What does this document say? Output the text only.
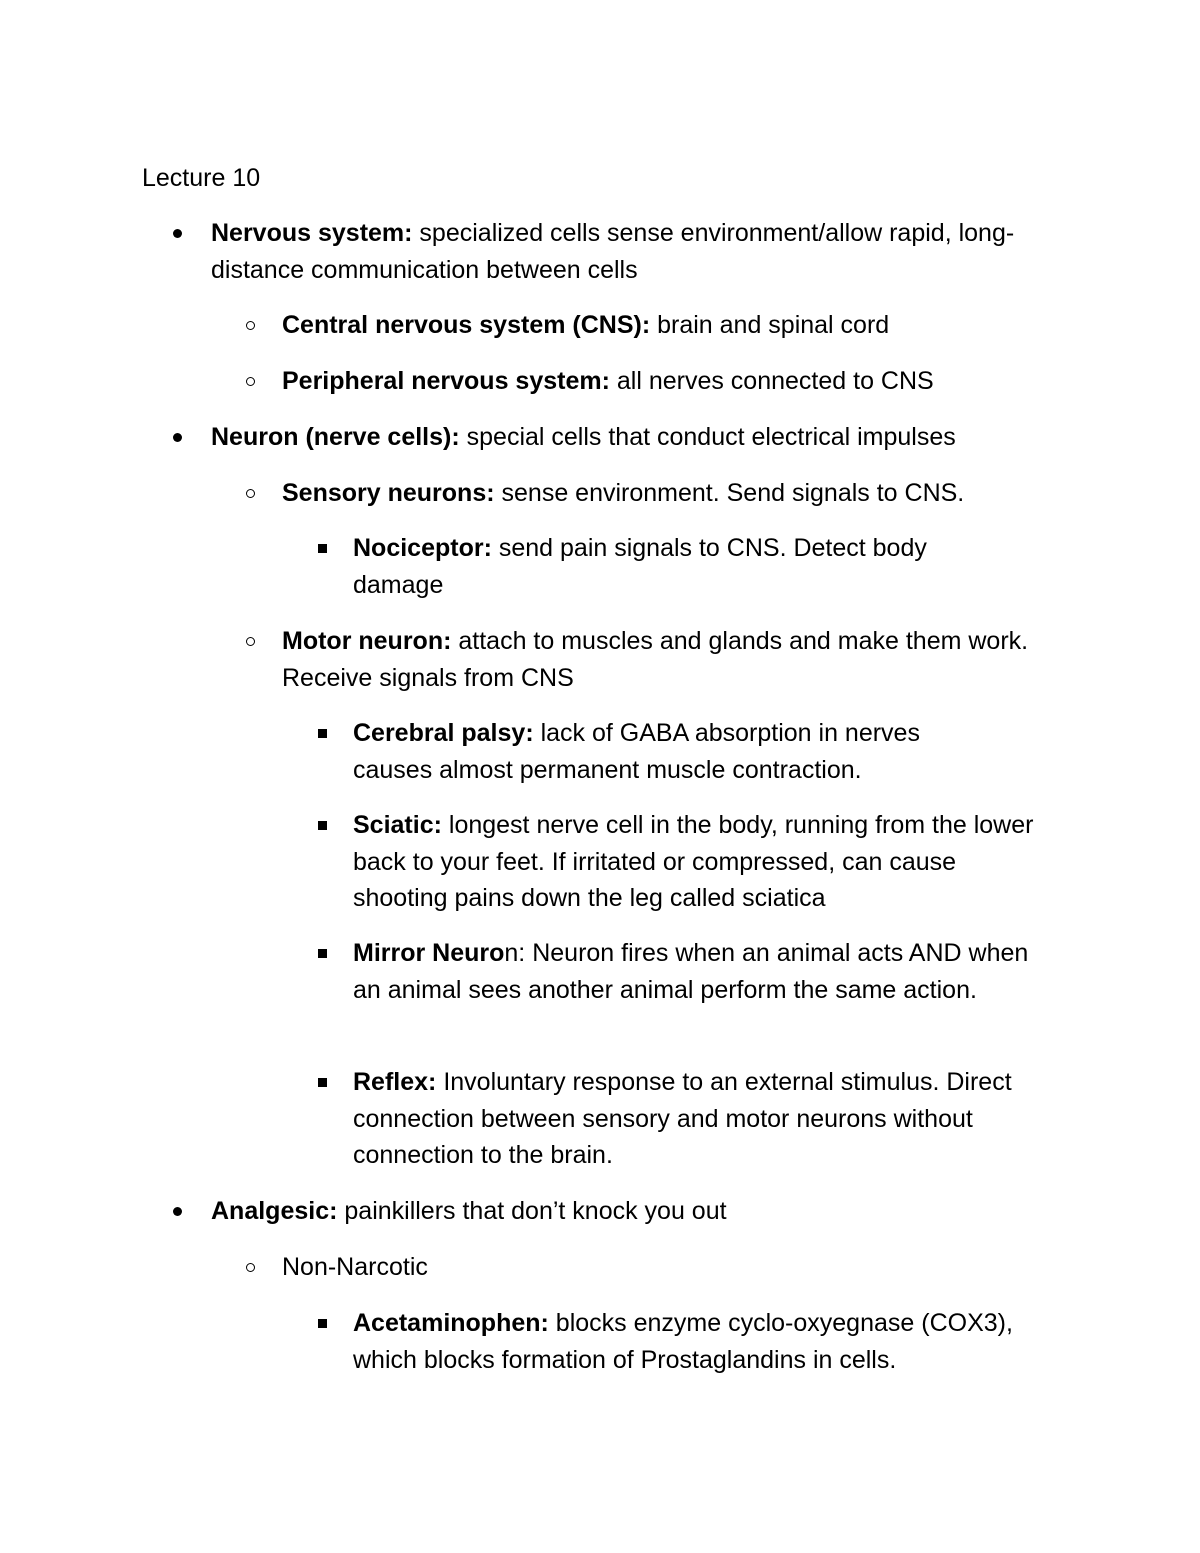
Lecture 10
Nervous system: specialized cells sense environment/allow rapid, long-distance communication between cells
Central nervous system (CNS): brain and spinal cord
Peripheral nervous system: all nerves connected to CNS
Neuron (nerve cells): special cells that conduct electrical impulses
Sensory neurons: sense environment. Send signals to CNS.
Nociceptor: send pain signals to CNS. Detect body damage
Motor neuron: attach to muscles and glands and make them work. Receive signals from CNS
Cerebral palsy: lack of GABA absorption in nerves causes almost permanent muscle contraction.
Sciatic: longest nerve cell in the body, running from the lower back to your feet. If irritated or compressed, can cause shooting pains down the leg called sciatica
Mirror Neuron: Neuron fires when an animal acts AND when an animal sees another animal perform the same action.
Reflex: Involuntary response to an external stimulus. Direct connection between sensory and motor neurons without connection to the brain.
Analgesic: painkillers that don’t knock you out
Non-Narcotic
Acetaminophen: blocks enzyme cyclo-oxyegnase (COX3), which blocks formation of Prostaglandins in cells.
